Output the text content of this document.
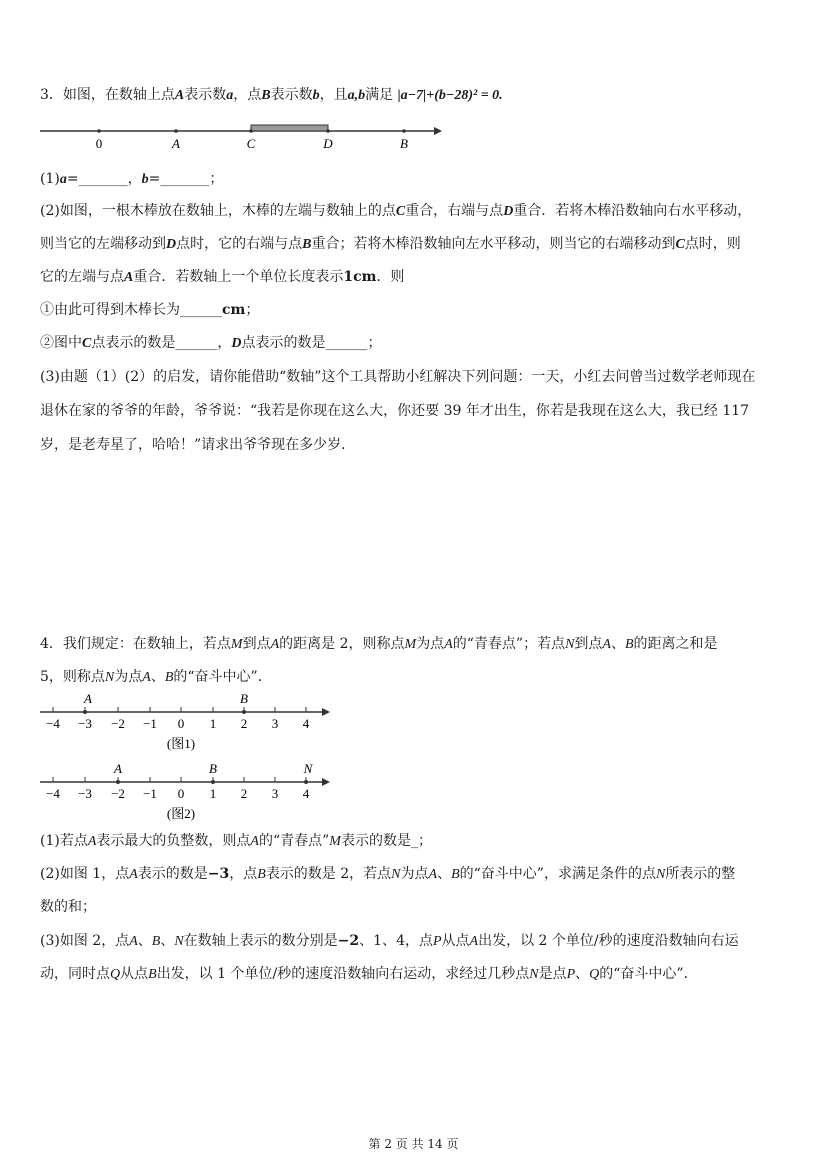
3．如图，在数轴上点A表示数a，点B表示数b，且a,b满足 |a−7|+(b−28)² = 0.
0	A	C	D	B
(1)a=_______，b=_______；
(2)如图，一根木棒放在数轴上，木棒的左端与数轴上的点C重合，右端与点D重合．若将木棒沿数轴向右水平移动，
则当它的左端移动到D点时，它的右端与点B重合；若将木棒沿数轴向左水平移动，则当它的右端移动到C点时，则
它的左端与点A重合．若数轴上一个单位长度表示1cm．则
①由此可得到木棒长为______cm；
②图中C点表示的数是______，D点表示的数是______；
(3)由题（1）(2）的启发，请你能借助“数轴”这个工具帮助小红解决下列问题：一天，小红去问曾当过数学老师现在
退休在家的爷爷的年龄，爷爷说：“我若是你现在这么大，你还要 39 年才出生，你若是我现在这么大，我已经 117
岁，是老寿星了，哈哈！”请求出爷爷现在多少岁．
4．我们规定：在数轴上，若点M到点A的距离是 2，则称点M为点A的“青春点”；若点N到点A、B的距离之和是
5，则称点N为点A、B的“奋斗中心”．
A	B
−4 −3 −2 −1 0 1 2 3 4
(图1)
A	B	N
−4 −3 −2 −1 0 1 2 3 4
(图2)
(1)若点A表示最大的负整数，则点A的“青春点”M表示的数是_；
(2)如图 1，点A表示的数是−3，点B表示的数是 2，若点N为点A、B的“奋斗中心”，求满足条件的点N所表示的整
数的和；
(3)如图 2，点A、B、N在数轴上表示的数分别是−2、1、4，点P从点A出发，以 2 个单位/秒的速度沿数轴向右运
动，同时点Q从点B出发，以 1 个单位/秒的速度沿数轴向右运动，求经过几秒点N是点P、Q的“奋斗中心”．
第 2 页 共 14 页
